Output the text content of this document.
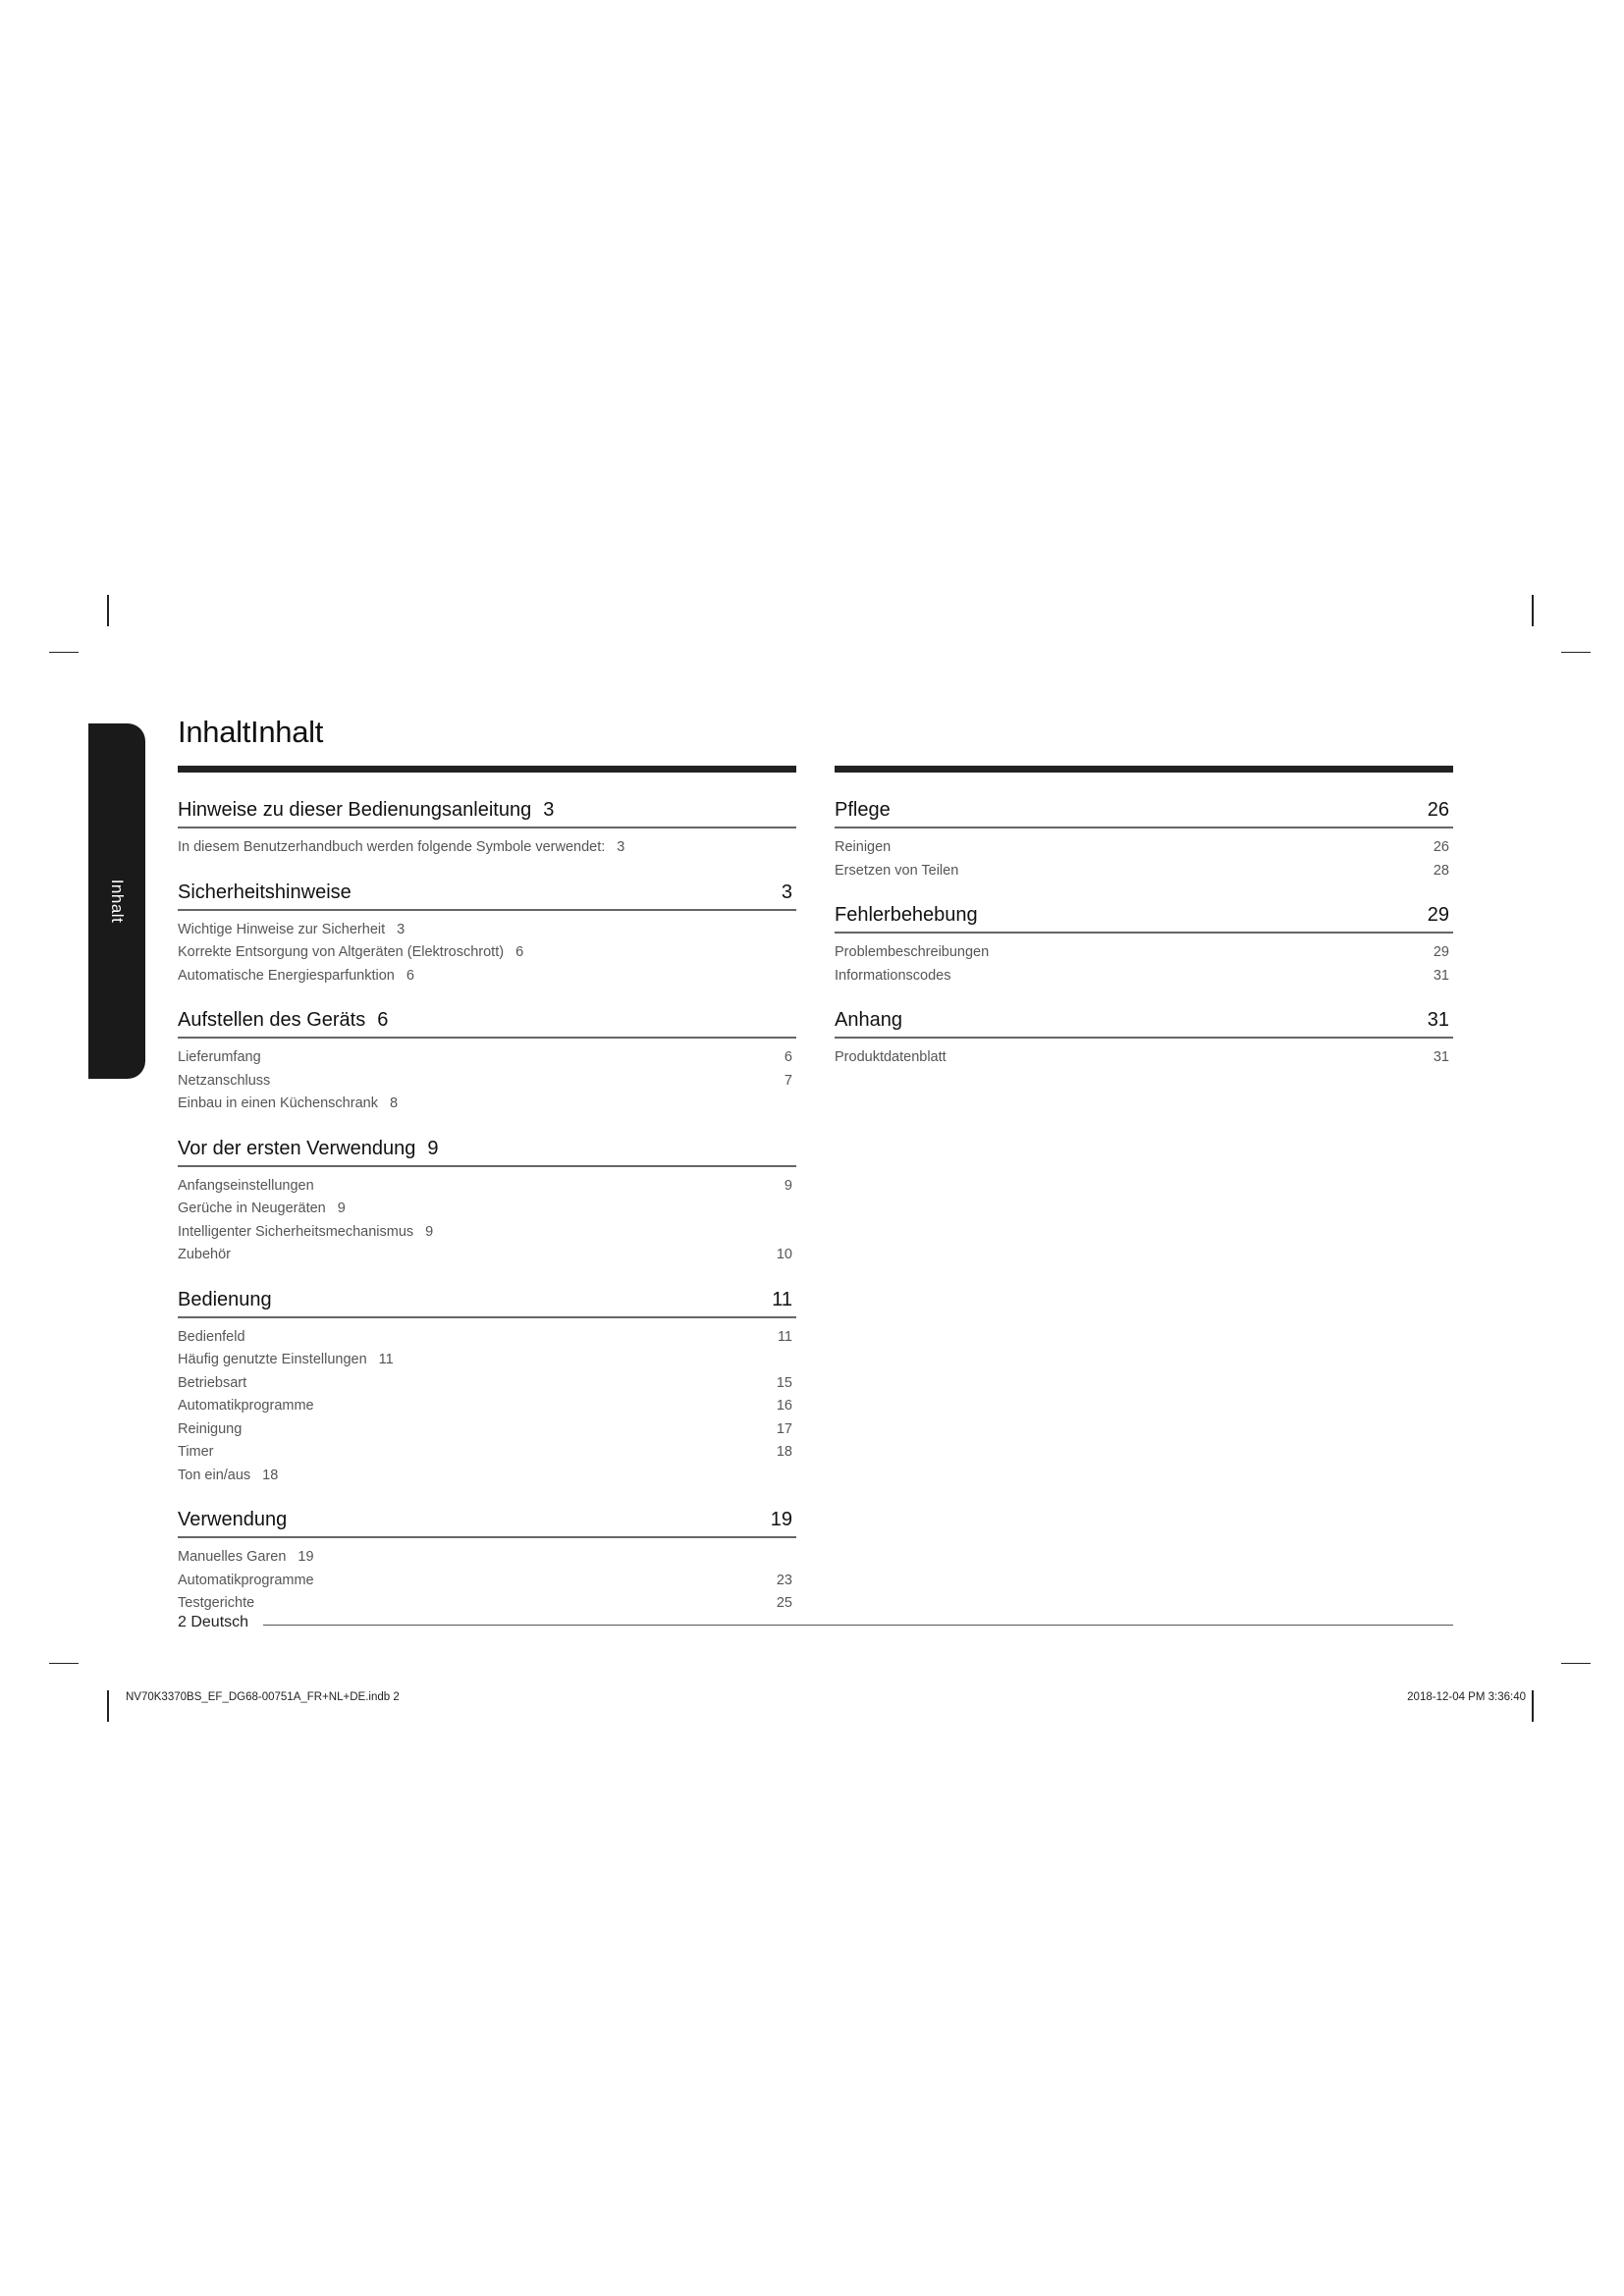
Inhalt
InhaltInhalt
Hinweise zu dieser Bedienungsanleitung 3
In diesem Benutzerhandbuch werden folgende Symbole verwendet: 3
Sicherheitshinweise	3
Wichtige Hinweise zur Sicherheit 3
Korrekte Entsorgung von Altgeräten (Elektroschrott) 6
Automatische Energiesparfunktion 6
Aufstellen des Geräts 6
Lieferumfang	6
Netzanschluss	7
Einbau in einen Küchenschrank 8
Vor der ersten Verwendung 9
Anfangseinstellungen	9
Gerüche in Neugeräten 9
Intelligenter Sicherheitsmechanismus 9
Zubehör	10
Bedienung	11
Bedienfeld	11
Häufig genutzte Einstellungen 11
Betriebsart	15
Automatikprogramme	16
Reinigung	17
Timer	18
Ton ein/aus 18
Verwendung	19
Manuelles Garen 19
Automatikprogramme	23
Testgerichte	25
Pflege	26
Reinigen	26
Ersetzen von Teilen	28
Fehlerbehebung	29
Problembeschreibungen	29
Informationscodes	31
Anhang	31
Produktdatenblatt	31
2 Deutsch
NV70K3370BS_EF_DG68-00751A_FR+NL+DE.indb 2	2018-12-04 PM 3:36:40
